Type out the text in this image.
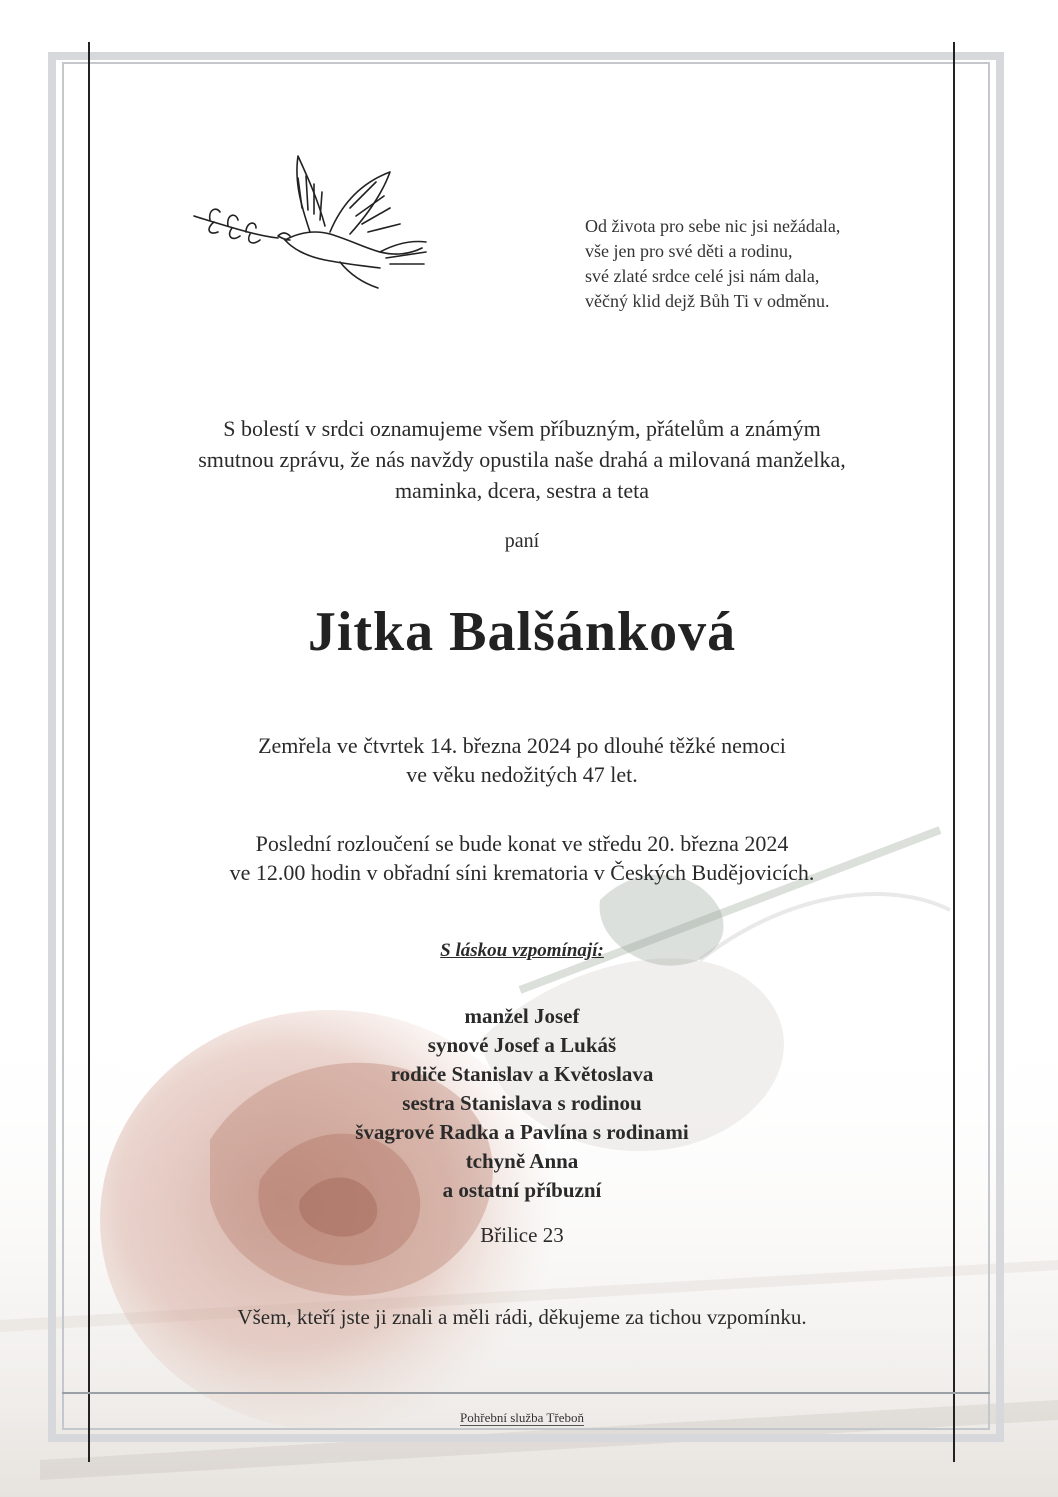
Od života pro sebe nic jsi nežádala,
vše jen pro své děti a rodinu,
své zlaté srdce celé jsi nám dala,
věčný klid dejž Bůh Ti v odměnu.
S bolestí v srdci oznamujeme všem příbuzným, přátelům a známým
smutnou zprávu, že nás navždy opustila naše drahá a milovaná manželka,
maminka, dcera, sestra a teta
paní
Jitka Balšánková
Zemřela ve čtvrtek 14. března 2024 po dlouhé těžké nemoci
ve věku nedožitých 47 let.
Poslední rozloučení se bude konat ve středu 20. března 2024
ve 12.00 hodin v obřadní síni krematoria v Českých Budějovicích.
S láskou vzpomínají:
manžel Josef
synové Josef a Lukáš
rodiče Stanislav a Květoslava
sestra Stanislava s rodinou
švagrové Radka a Pavlína s rodinami
tchyně Anna
a ostatní příbuzní
Břilice 23
Všem, kteří jste ji znali a měli rádi, děkujeme za tichou vzpomínku.
Pohřební služba Třeboň
